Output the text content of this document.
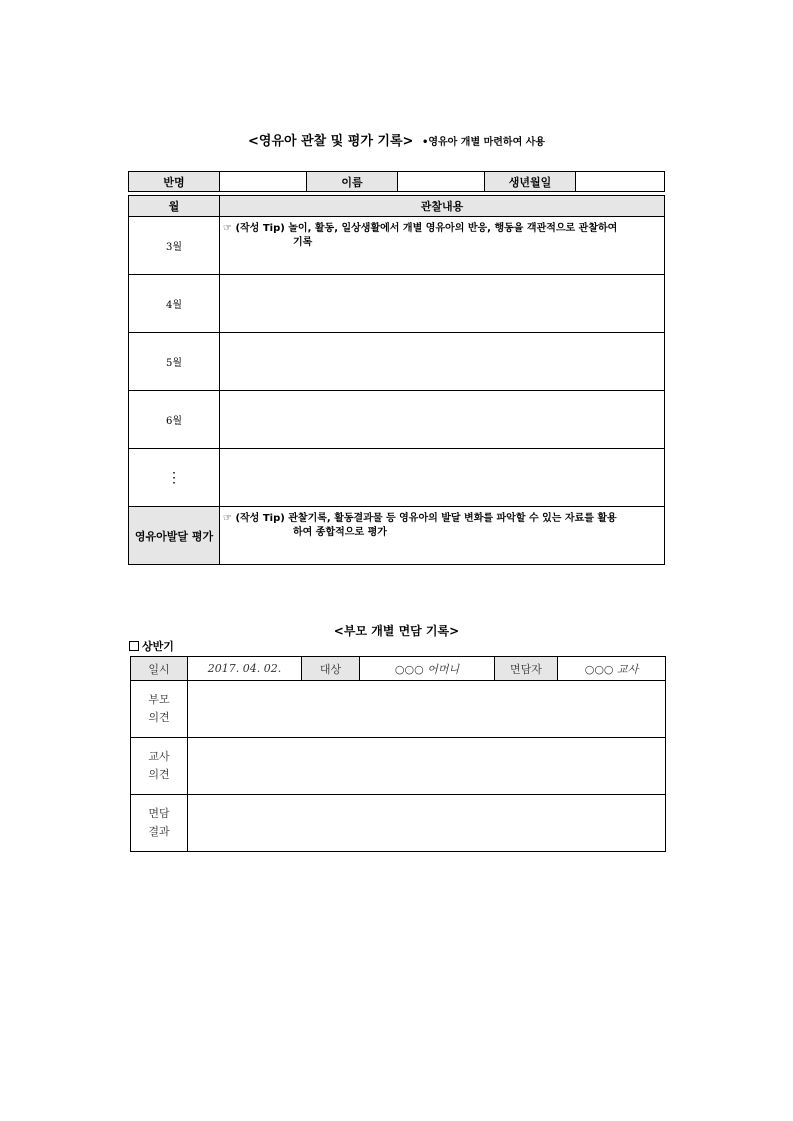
<영유아 관찰 및 평가 기록> •영유아 개별 마련하여 사용
반명		이름		생년월일	
월	관찰내용
3월	☞ (작성 Tip) 놀이, 활동, 일상생활에서 개별 영유아의 반응, 행동을 객관적으로 관찰하여
기록

4월	
5월	
6월	
⋮	
영유아발달 평가	☞ (작성 Tip) 관찰기록, 활동결과물 등 영유아의 발달 변화를 파악할 수 있는 자료를 활용
하여 종합적으로 평가
<부모 개별 면담 기록>
상반기
일시	2017. 04. 02.	대상	○○○ 어머니	면담자	○○○ 교사
부모
의견					
교사
의견					
면담
결과					
